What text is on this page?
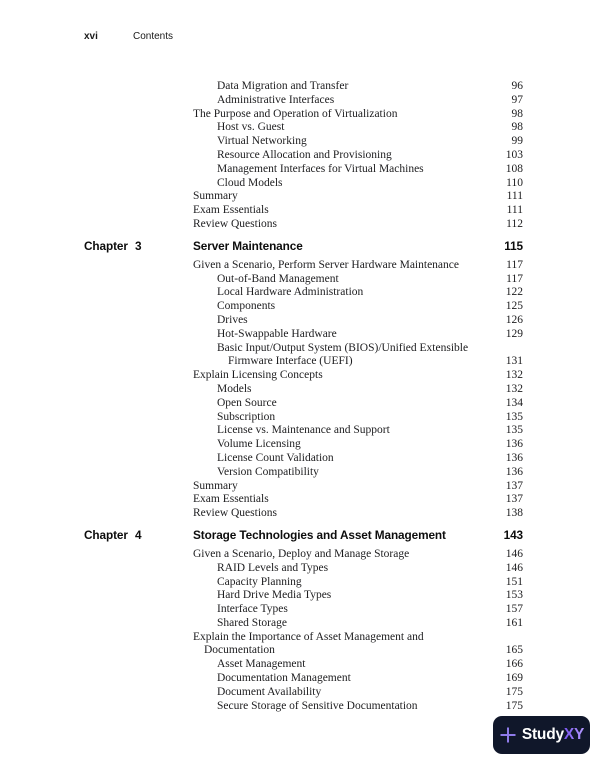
xvi	Contents
Data Migration and Transfer	96
Administrative Interfaces	97
The Purpose and Operation of Virtualization	98
Host vs. Guest	98
Virtual Networking	99
Resource Allocation and Provisioning	103
Management Interfaces for Virtual Machines	108
Cloud Models	110
Summary	111
Exam Essentials	111
Review Questions	112
Chapter 3	Server Maintenance	115
Given a Scenario, Perform Server Hardware Maintenance	117
Out-of-Band Management	117
Local Hardware Administration	122
Components	125
Drives	126
Hot-Swappable Hardware	129
Basic Input/Output System (BIOS)/Unified Extensible
Firmware Interface (UEFI)	131
Explain Licensing Concepts	132
Models	132
Open Source	134
Subscription	135
License vs. Maintenance and Support	135
Volume Licensing	136
License Count Validation	136
Version Compatibility	136
Summary	137
Exam Essentials	137
Review Questions	138
Chapter 4	Storage Technologies and Asset Management	143
Given a Scenario, Deploy and Manage Storage	146
RAID Levels and Types	146
Capacity Planning	151
Hard Drive Media Types	153
Interface Types	157
Shared Storage	161
Explain the Importance of Asset Management and
Documentation	165
Asset Management	166
Documentation Management	169
Document Availability	175
Secure Storage of Sensitive Documentation	175
StudyXY
